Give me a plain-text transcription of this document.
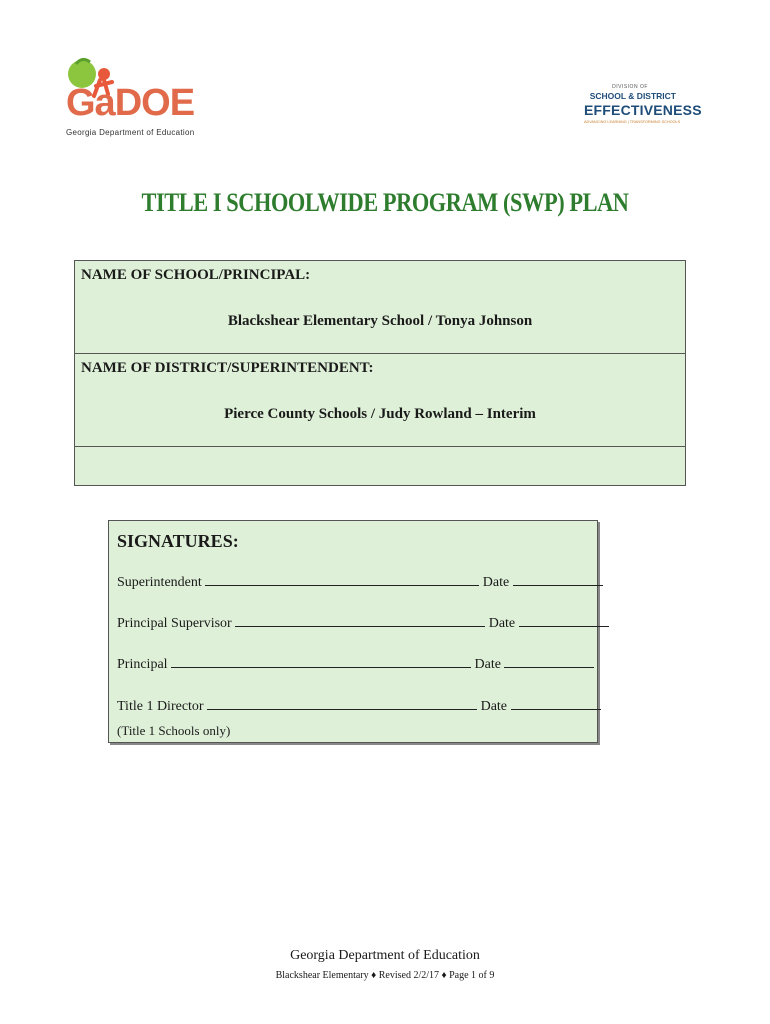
GaDOE
Georgia Department of Education
DIVISION OF
SCHOOL & DISTRICT
EFFECTIVENESS
ADVANCING LEARNING | TRANSFORMING SCHOOLS
TITLE I SCHOOLWIDE PROGRAM (SWP) PLAN
NAME OF SCHOOL/PRINCIPAL:
Blackshear Elementary School / Tonya Johnson
NAME OF DISTRICT/SUPERINTENDENT:
Pierce County Schools / Judy Rowland – Interim
SIGNATURES:
Superintendent	Date
Principal Supervisor	Date
Principal	Date
Title 1 Director	Date
(Title 1 Schools only)
Georgia Department of Education
Blackshear Elementary ♦ Revised 2/2/17 ♦ Page 1 of 9
